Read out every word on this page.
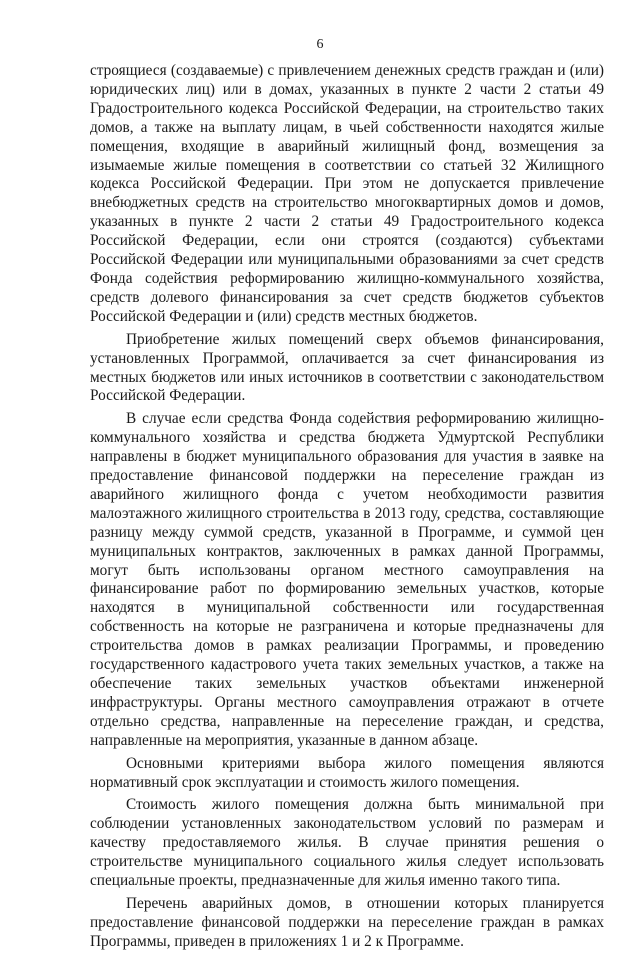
6

строящиеся (создаваемые) с привлечением денежных средств граждан и (или) юридических лиц) или в домах, указанных в пункте 2 части 2 статьи 49 Градостроительного кодекса Российской Федерации, на строительство таких домов, а также на выплату лицам, в чьей собственности находятся жилые помещения, входящие в аварийный жилищный фонд, возмещения за изымаемые жилые помещения в соответствии со статьей 32 Жилищного кодекса Российской Федерации. При этом не допускается привлечение внебюджетных средств на строительство многоквартирных домов и домов, указанных в пункте 2 части 2 статьи 49 Градостроительного кодекса Российской Федерации, если они строятся (создаются) субъектами Российской Федерации или муниципальными образованиями за счет средств Фонда содействия реформированию жилищно-коммунального хозяйства, средств долевого финансирования за счет средств бюджетов субъектов Российской Федерации и (или) средств местных бюджетов.

Приобретение жилых помещений сверх объемов финансирования, установленных Программой, оплачивается за счет финансирования из местных бюджетов или иных источников в соответствии с законодательством Российской Федерации.

В случае если средства Фонда содействия реформированию жилищно-коммунального хозяйства и средства бюджета Удмуртской Республики направлены в бюджет муниципального образования для участия в заявке на предоставление финансовой поддержки на переселение граждан из аварийного жилищного фонда с учетом необходимости развития малоэтажного жилищного строительства в 2013 году, средства, составляющие разницу между суммой средств, указанной в Программе, и суммой цен муниципальных контрактов, заключенных в рамках данной Программы, могут быть использованы органом местного самоуправления на финансирование работ по формированию земельных участков, которые находятся в муниципальной собственности или государственная собственность на которые не разграничена и которые предназначены для строительства домов в рамках реализации Программы, и проведению государственного кадастрового учета таких земельных участков, а также на обеспечение таких земельных участков объектами инженерной инфраструктуры. Органы местного самоуправления отражают в отчете отдельно средства, направленные на переселение граждан, и средства, направленные на мероприятия, указанные в данном абзаце.

Основными критериями выбора жилого помещения являются нормативный срок эксплуатации и стоимость жилого помещения.

Стоимость жилого помещения должна быть минимальной при соблюдении установленных законодательством условий по размерам и качеству предоставляемого жилья. В случае принятия решения о строительстве муниципального социального жилья следует использовать специальные проекты, предназначенные для жилья именно такого типа.

Перечень аварийных домов, в отношении которых планируется предоставление финансовой поддержки на переселение граждан в рамках Программы, приведен в приложениях 1 и 2 к Программе.
